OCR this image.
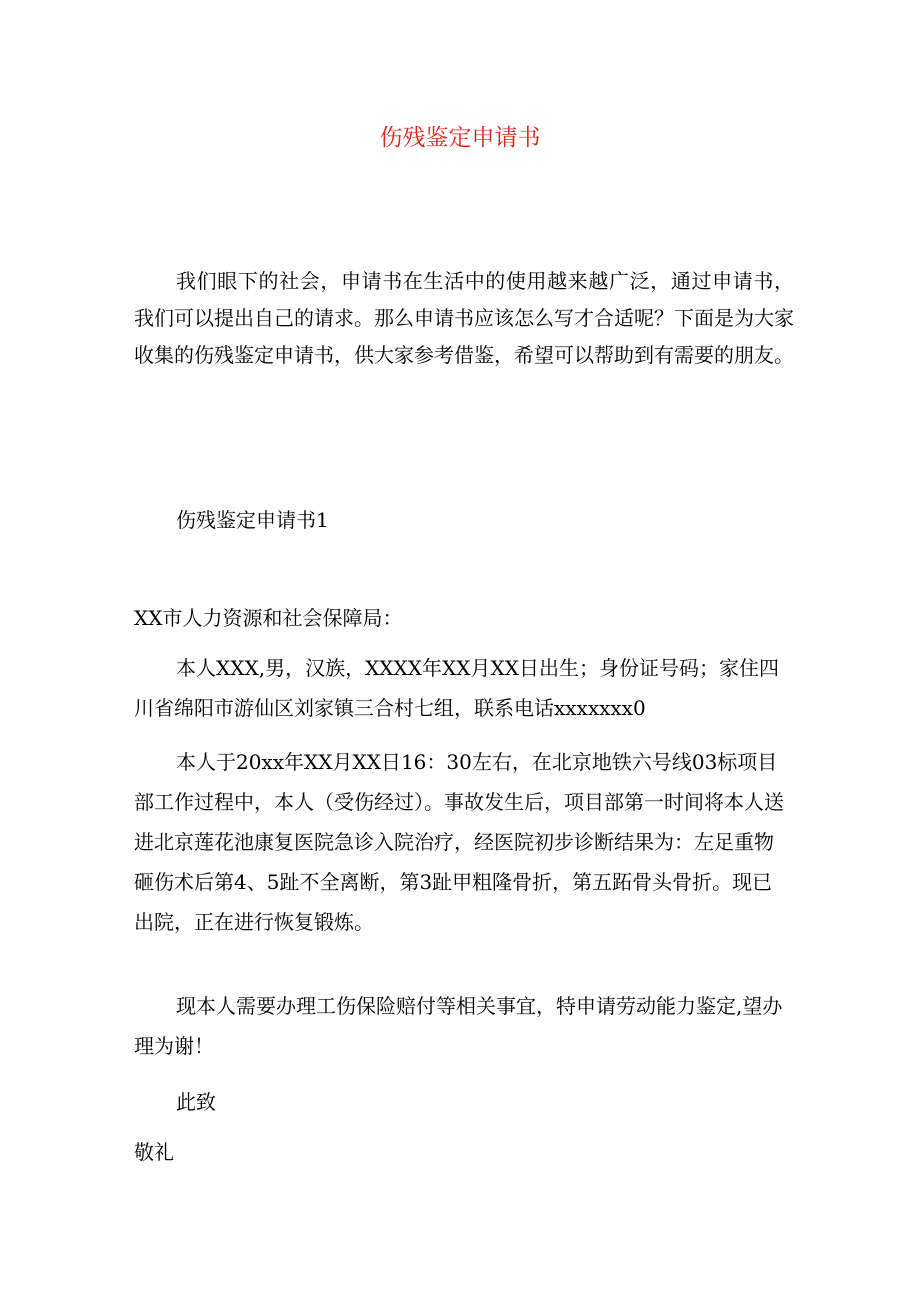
伤残鉴定申请书

我们眼下的社会，申请书在生活中的使用越来越广泛，通过申请书，我们可以提出自己的请求。那么申请书应该怎么写才合适呢？下面是为大家收集的伤残鉴定申请书，供大家参考借鉴，希望可以帮助到有需要的朋友。

伤残鉴定申请书1

XX市人力资源和社会保障局：

本人XXX,男，汉族，XXXX年XX月XX日出生；身份证号码；家住四川省绵阳市游仙区刘家镇三合村七组，联系电话xxxxxxx0

本人于20xx年XX月XX日16：30左右，在北京地铁六号线03标项目部工作过程中，本人（受伤经过）。事故发生后，项目部第一时间将本人送进北京莲花池康复医院急诊入院治疗，经医院初步诊断结果为：左足重物砸伤术后第4、5趾不全离断，第3趾甲粗隆骨折，第五跖骨头骨折。现已出院，正在进行恢复锻炼。

现本人需要办理工伤保险赔付等相关事宜，特申请劳动能力鉴定,望办理为谢！

此致

敬礼
